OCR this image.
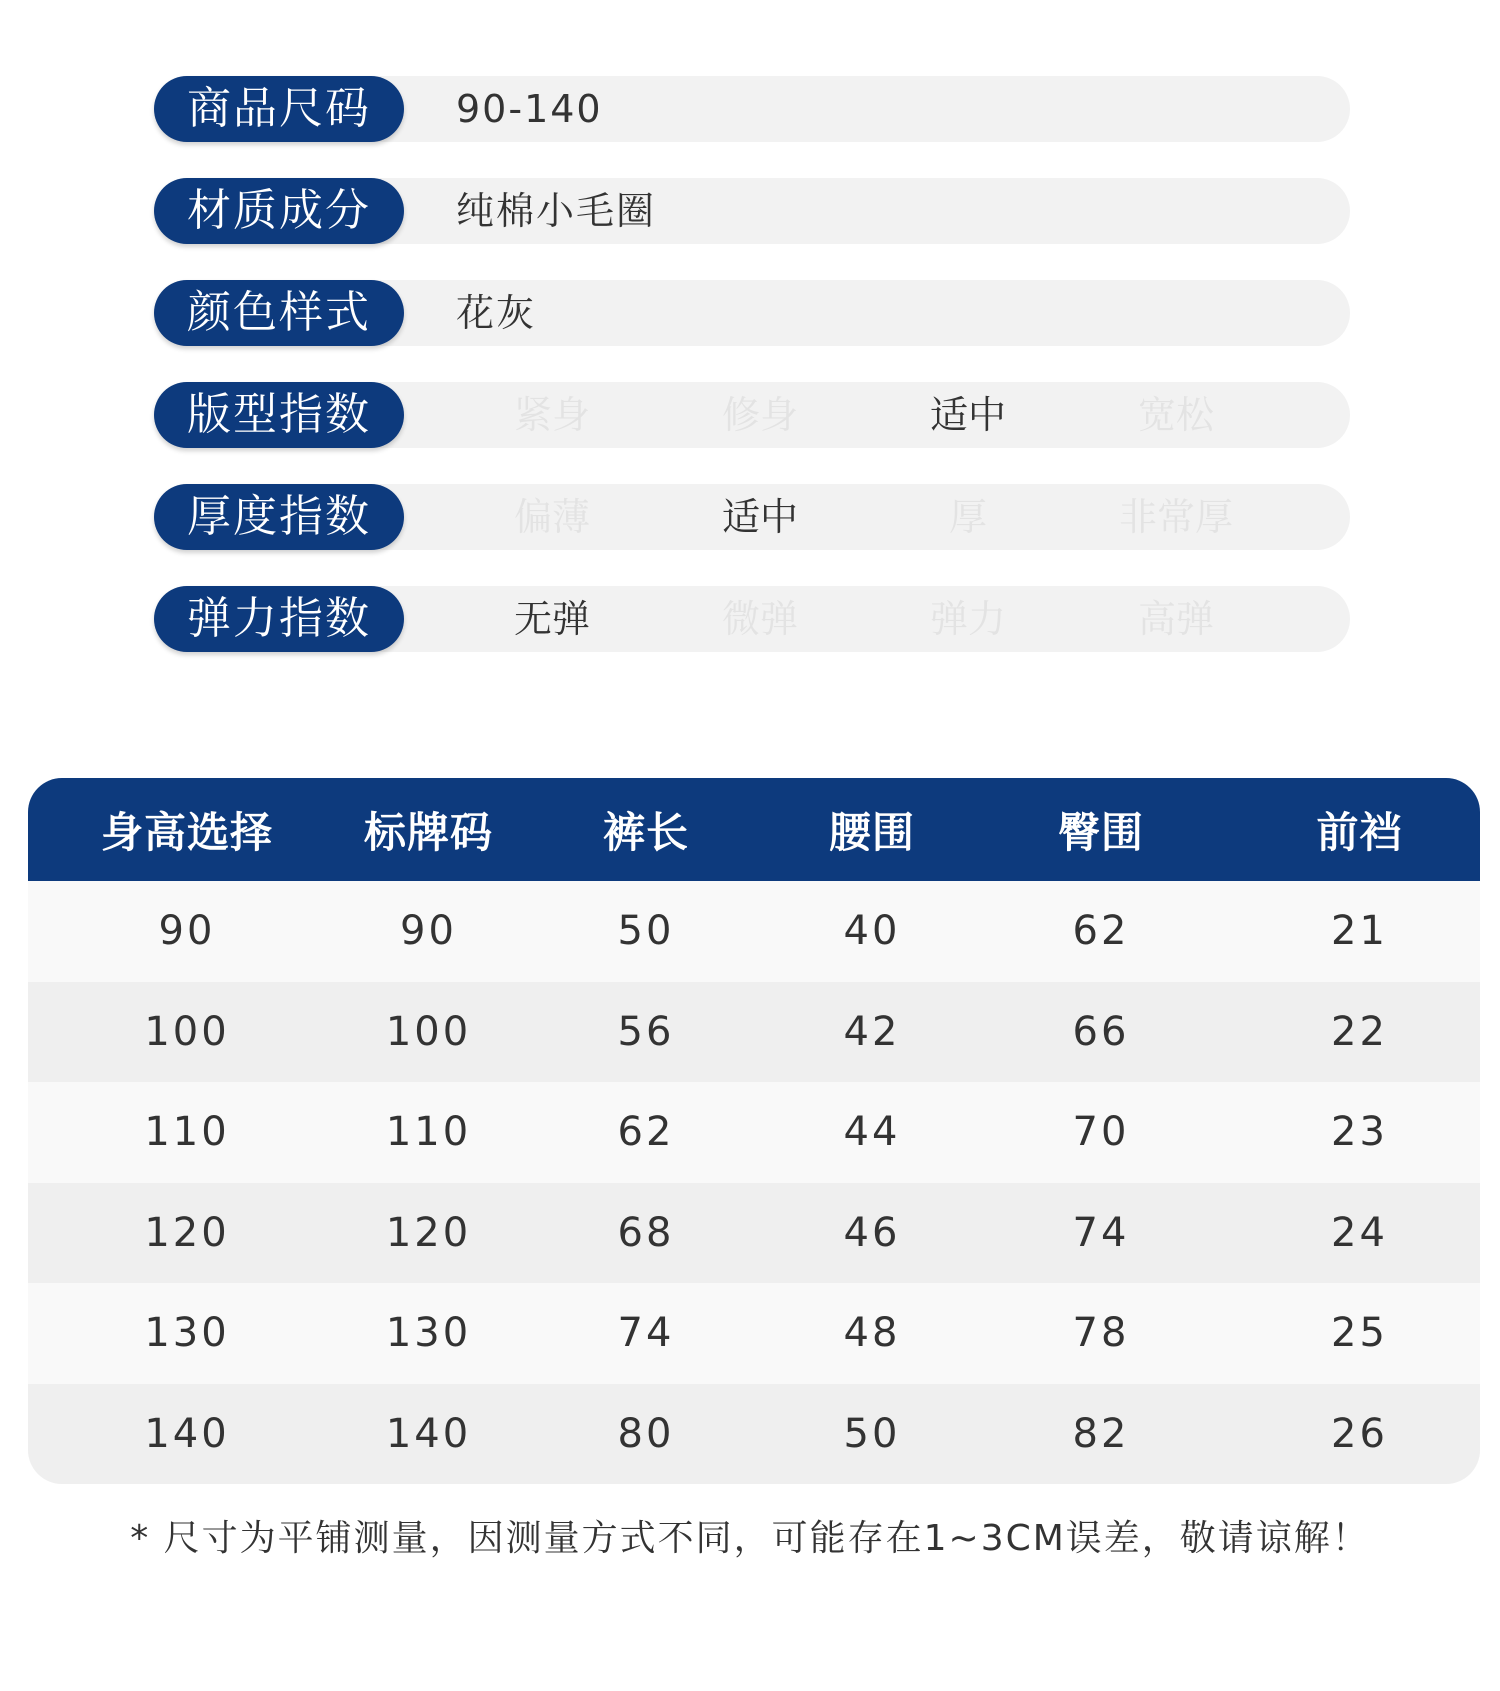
商品尺码	90-140
材质成分	纯棉小毛圈
颜色样式	花灰
版型指数	紧身	修身	适中	宽松
厚度指数	偏薄	适中	厚	非常厚
弹力指数	无弹	微弹	弹力	高弹
身高选择	标牌码	裤长	腰围	臀围	前裆
90	90	50	40	62	21
100	100	56	42	66	22
110	110	62	44	70	23
120	120	68	46	74	24
130	130	74	48	78	25
140	140	80	50	82	26
* 尺寸为平铺测量，因测量方式不同，可能存在1~3CM误差，敬请谅解！
